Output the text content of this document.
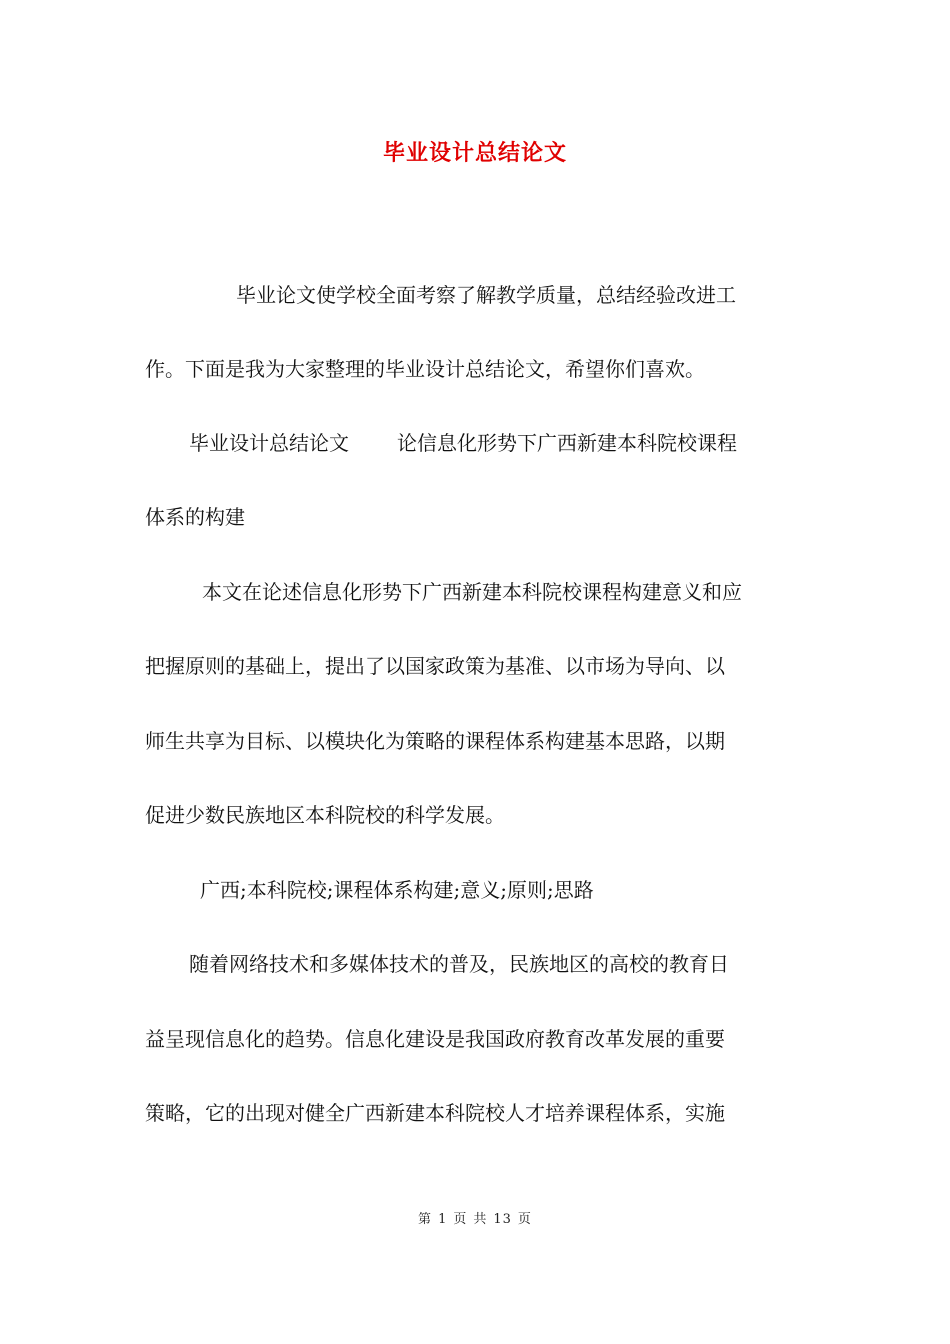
毕业设计总结论文
毕业论文使学校全面考察了解教学质量，总结经验改进工
作。下面是我为大家整理的毕业设计总结论文，希望你们喜欢。
毕业设计总结论文 论信息化形势下广西新建本科院校课程
体系的构建
本文在论述信息化形势下广西新建本科院校课程构建意义和应
把握原则的基础上，提出了以国家政策为基准、以市场为导向、以
师生共享为目标、以模块化为策略的课程体系构建基本思路，以期
促进少数民族地区本科院校的科学发展。
广西;本科院校;课程体系构建;意义;原则;思路
随着网络技术和多媒体技术的普及，民族地区的高校的教育日
益呈现信息化的趋势。信息化建设是我国政府教育改革发展的重要
策略，它的出现对健全广西新建本科院校人才培养课程体系，实施
第 1 页 共 13 页
